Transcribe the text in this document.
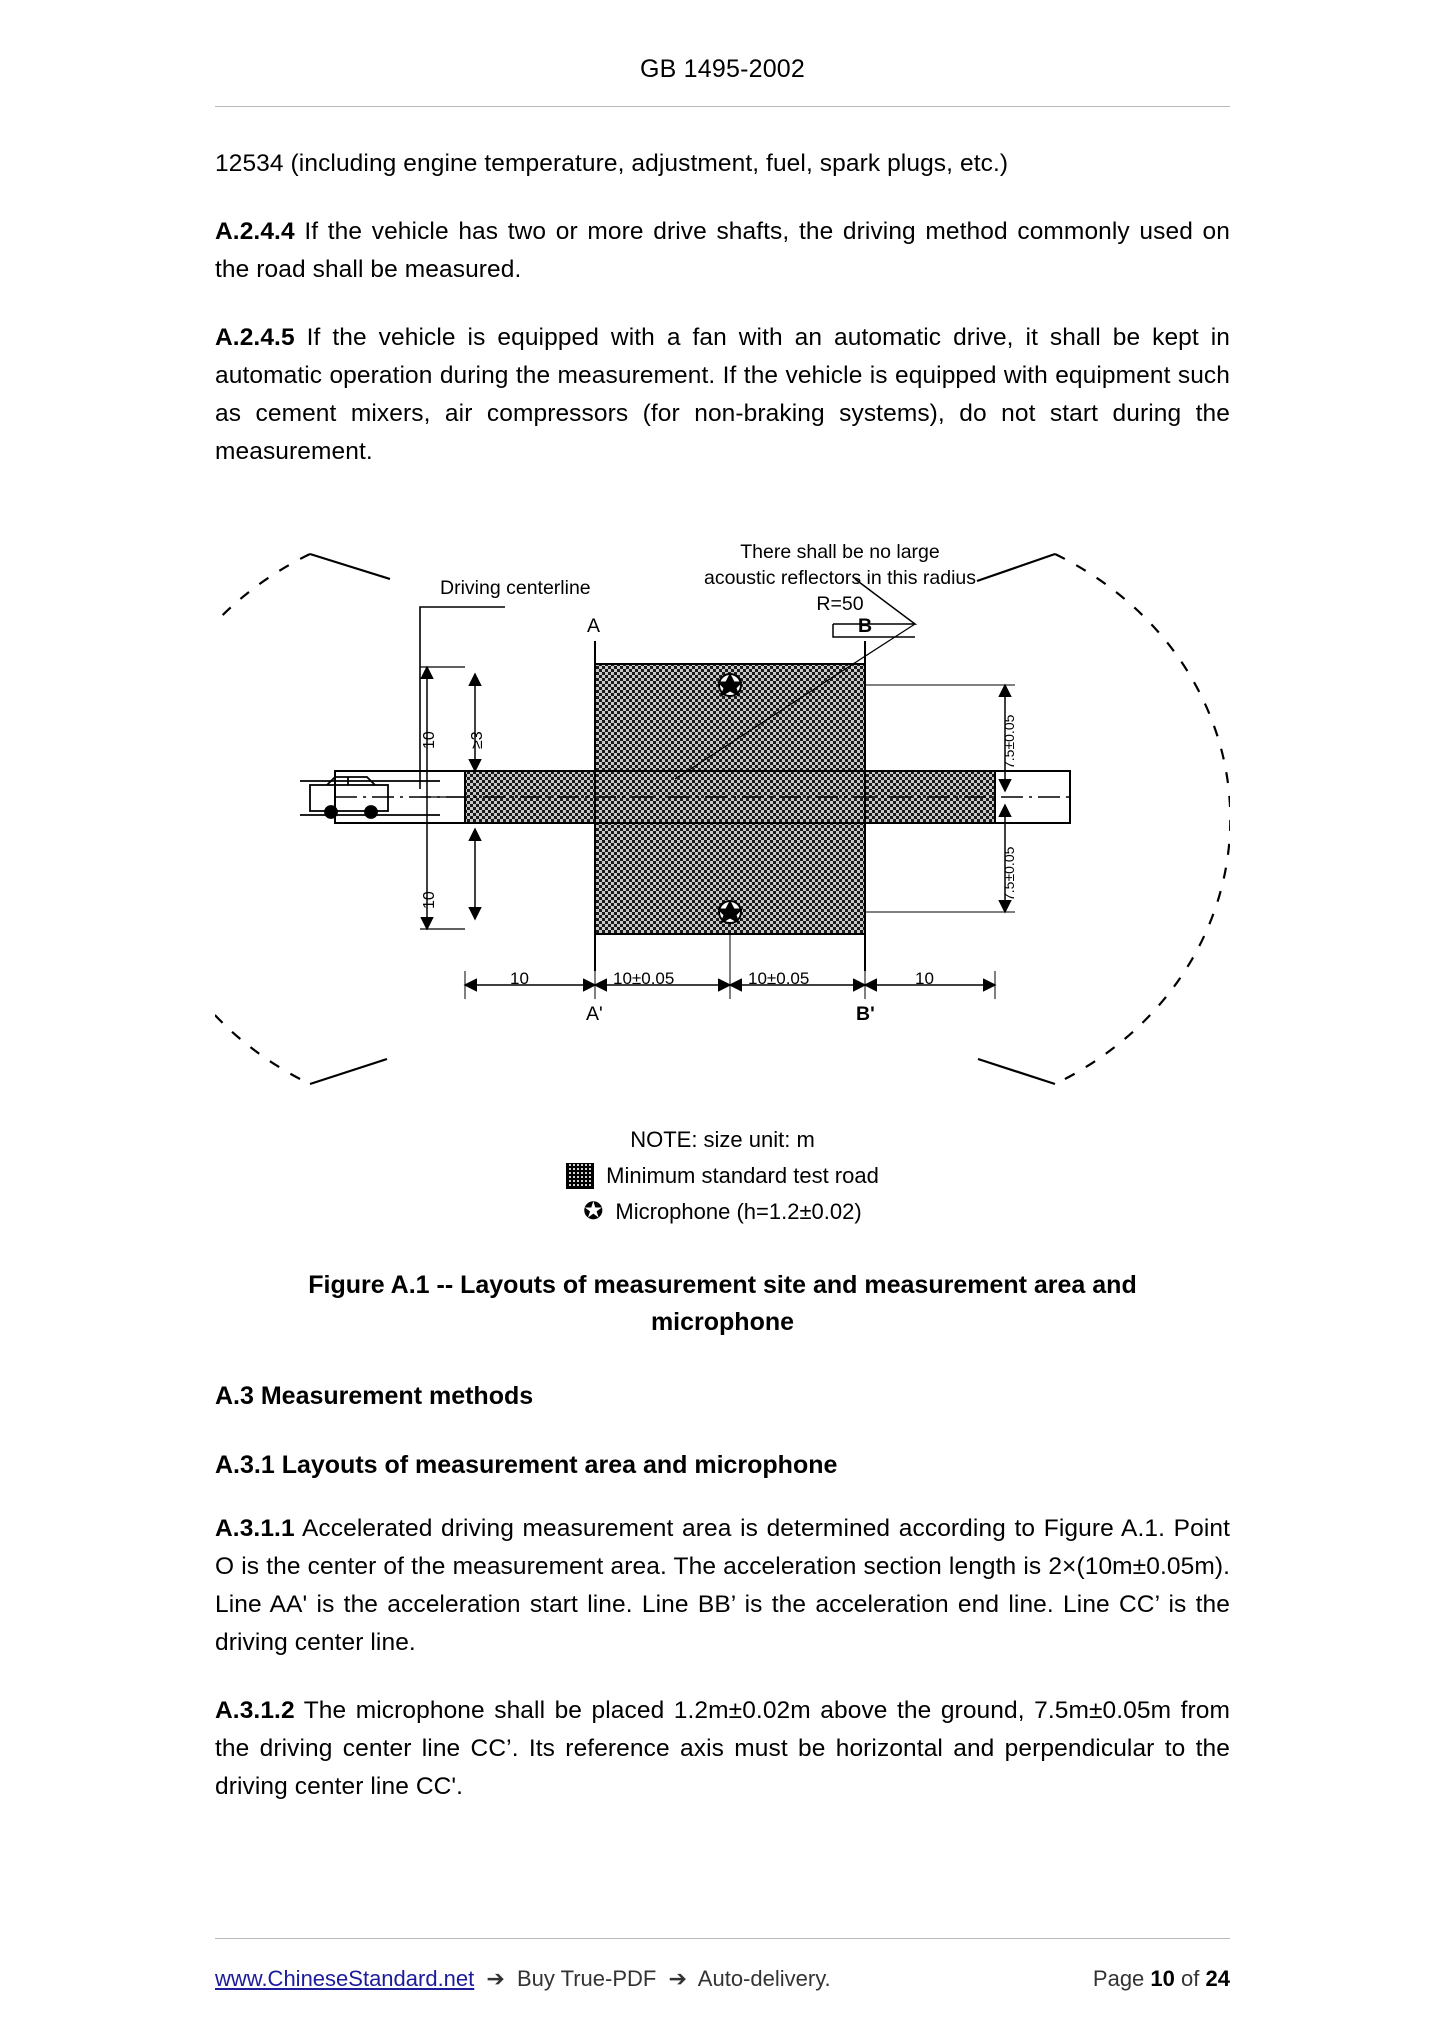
GB 1495-2002

12534 (including engine temperature, adjustment, fuel, spark plugs, etc.)

A.2.4.4 If the vehicle has two or more drive shafts, the driving method commonly used on the road shall be measured.

A.2.4.5 If the vehicle is equipped with a fan with an automatic drive, it shall be kept in automatic operation during the measurement. If the vehicle is equipped with equipment such as cement mixers, air compressors (for non-braking systems), do not start during the measurement.

Driving centerline
There shall be no large
acoustic reflectors in this radius
R=50
A	B
A'	B'
10	10±0.05	10±0.05	10
10
10
≥3	7.5±0.05
7.5±0.05
NOTE: size unit: m
Minimum standard test road
✪ Microphone (h=1.2±0.02)
Figure A.1 -- Layouts of measurement site and measurement area and
microphone
A.3 Measurement methods
A.3.1 Layouts of measurement area and microphone

A.3.1.1 Accelerated driving measurement area is determined according to Figure A.1. Point O is the center of the measurement area. The acceleration section length is 2×(10m±0.05m). Line AA' is the acceleration start line. Line BB’ is the acceleration end line. Line CC’ is the driving center line.

A.3.1.2 The microphone shall be placed 1.2m±0.02m above the ground, 7.5m±0.05m from the driving center line CC’. Its reference axis must be horizontal and perpendicular to the driving center line CC'.

www.ChineseStandard.net ➔ Buy True-PDF ➔ Auto-delivery.	Page 10 of 24
